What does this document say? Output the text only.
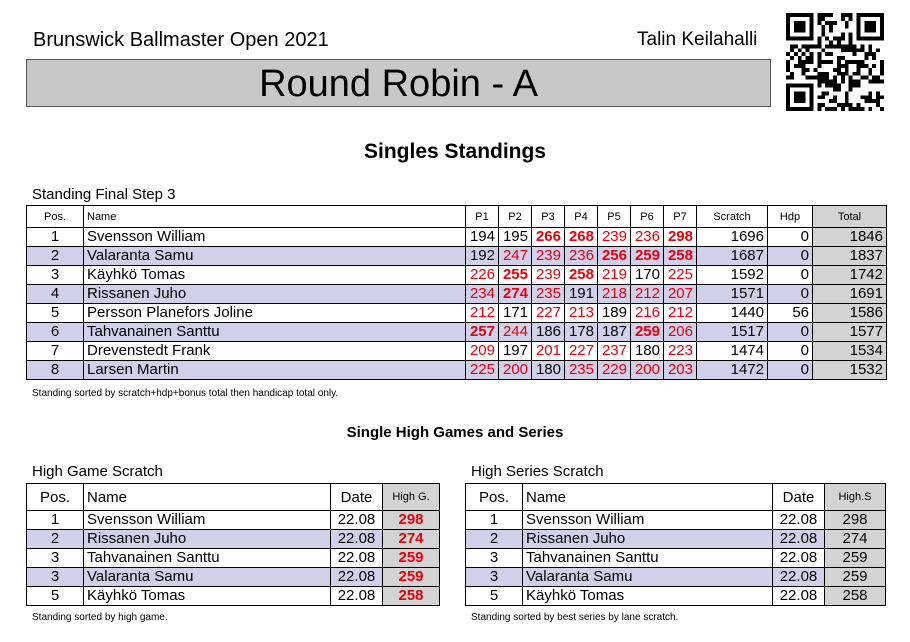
Brunswick Ballmaster Open 2021	Talin Keilahalli
Round Robin - A
Singles Standings
Standing Final Step 3
Pos.	Name	P1	P2	P3	P4	P5	P6	P7	Scratch	Hdp	Total
1	Svensson William	194	195	266	268	239	236	298	1696	0	1846
2	Valaranta Samu	192	247	239	236	256	259	258	1687	0	1837
3	Käyhkö Tomas	226	255	239	258	219	170	225	1592	0	1742
4	Rissanen Juho	234	274	235	191	218	212	207	1571	0	1691
5	Persson Planefors Joline	212	171	227	213	189	216	212	1440	56	1586
6	Tahvanainen Santtu	257	244	186	178	187	259	206	1517	0	1577
7	Drevenstedt Frank	209	197	201	227	237	180	223	1474	0	1534
8	Larsen Martin	225	200	180	235	229	200	203	1472	0	1532
Standing sorted by scratch+hdp+bonus total then handicap total only.
Single High Games and Series
High Game Scratch
Pos.	Name	Date	High G.
1	Svensson William	22.08	298
2	Rissanen Juho	22.08	274
3	Tahvanainen Santtu	22.08	259
3	Valaranta Samu	22.08	259
5	Käyhkö Tomas	22.08	258
Standing sorted by high game.
High Series Scratch
Pos.	Name	Date	High.S
1	Svensson William	22.08	298
2	Rissanen Juho	22.08	274
3	Tahvanainen Santtu	22.08	259
3	Valaranta Samu	22.08	259
5	Käyhkö Tomas	22.08	258
Standing sorted by best series by lane scratch.
